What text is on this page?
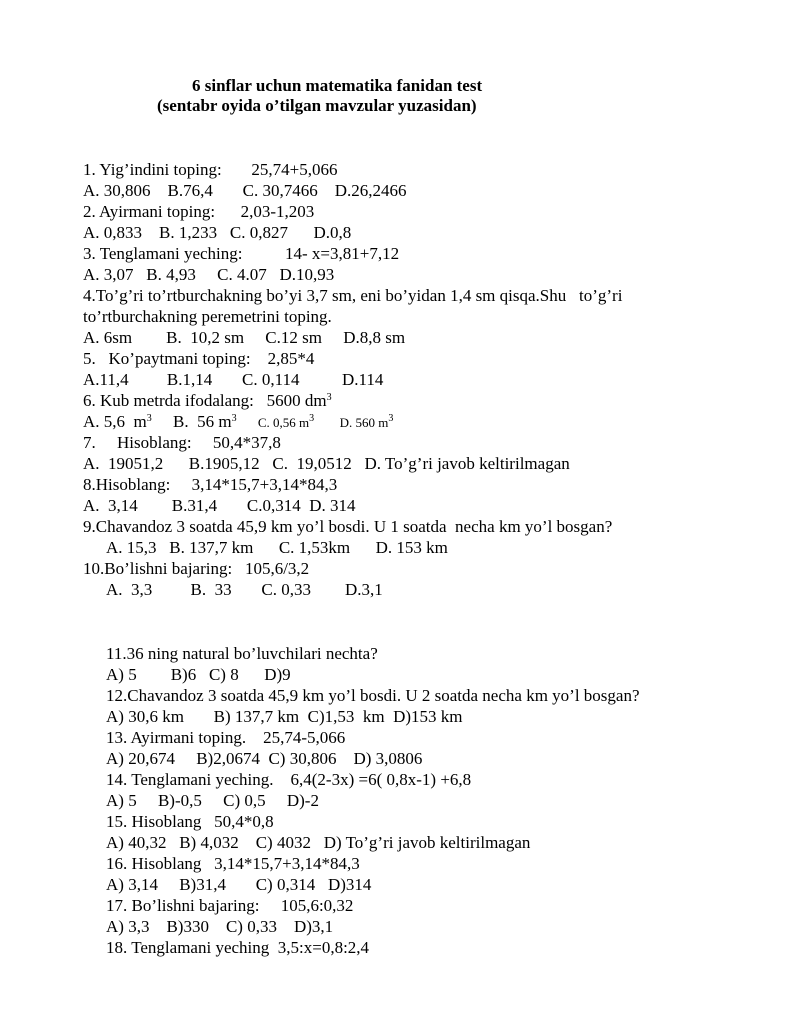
6 sinflar uchun matematika fanidan test
(sentabr oyida o’tilgan mavzular yuzasidan)
1. Yig’indini toping:       25,74+5,066
A. 30,806    B.76,4       C. 30,7466    D.26,2466
2. Ayirmani toping:      2,03-1,203
A. 0,833    B. 1,233   C. 0,827      D.0,8
3. Tenglamani yeching:          14- x=3,81+7,12
A. 3,07   B. 4,93     C. 4.07   D.10,93
4.To’g’ri to’rtburchakning bo’yi 3,7 sm, eni bo’yidan 1,4 sm qisqa.Shu   to’g’ri
to’rtburchakning peremetrini toping.
A. 6sm        B.  10,2 sm     C.12 sm     D.8,8 sm
5.   Ko’paytmani toping:    2,85*4
A.11,4         B.1,14       C. 0,114          D.114
6. Kub metrda ifodalang:   5600 $dm^3$
A. 5,6  $m^3$     B.  56 $m^3$ C. 0,56 $m^3$ D. 560 $m^3$
7.     Hisoblang:     50,4*37,8
A.  19051,2      B.1905,12   C.  19,0512   D. To’g’ri javob keltirilmagan
8.Hisoblang:     3,14*15,7+3,14*84,3
A.  3,14        B.31,4       C.0,314  D. 314
9.Chavandoz 3 soatda 45,9 km yo’l bosdi. U 1 soatda  necha km yo’l bosgan?
A. 15,3   B. 137,7 km      C. 1,53km      D. 153 km
10.Bo’lishni bajaring:   105,6/3,2
A.  3,3         B.  33       C. 0,33        D.3,1
11.36 ning natural bo’luvchilari nechta?
A) 5        B)6   C) 8      D)9
12.Chavandoz 3 soatda 45,9 km yo’l bosdi. U 2 soatda necha km yo’l bosgan?
A) 30,6 km       B) 137,7 km  C)1,53  km  D)153 km
13. Ayirmani toping.    25,74-5,066
A) 20,674     B)2,0674  C) 30,806    D) 3,0806
14. Tenglamani yeching.    6,4(2-3x) =6( 0,8x-1) +6,8
A) 5     B)-0,5     C) 0,5     D)-2
15. Hisoblang   50,4*0,8
A) 40,32   B) 4,032    C) 4032   D) To’g’ri javob keltirilmagan
16. Hisoblang   3,14*15,7+3,14*84,3
A) 3,14     B)31,4       C) 0,314   D)314
17. Bo’lishni bajaring:     105,6:0,32
A) 3,3    B)330    C) 0,33    D)3,1
18. Tenglamani yeching  3,5:x=0,8:2,4
